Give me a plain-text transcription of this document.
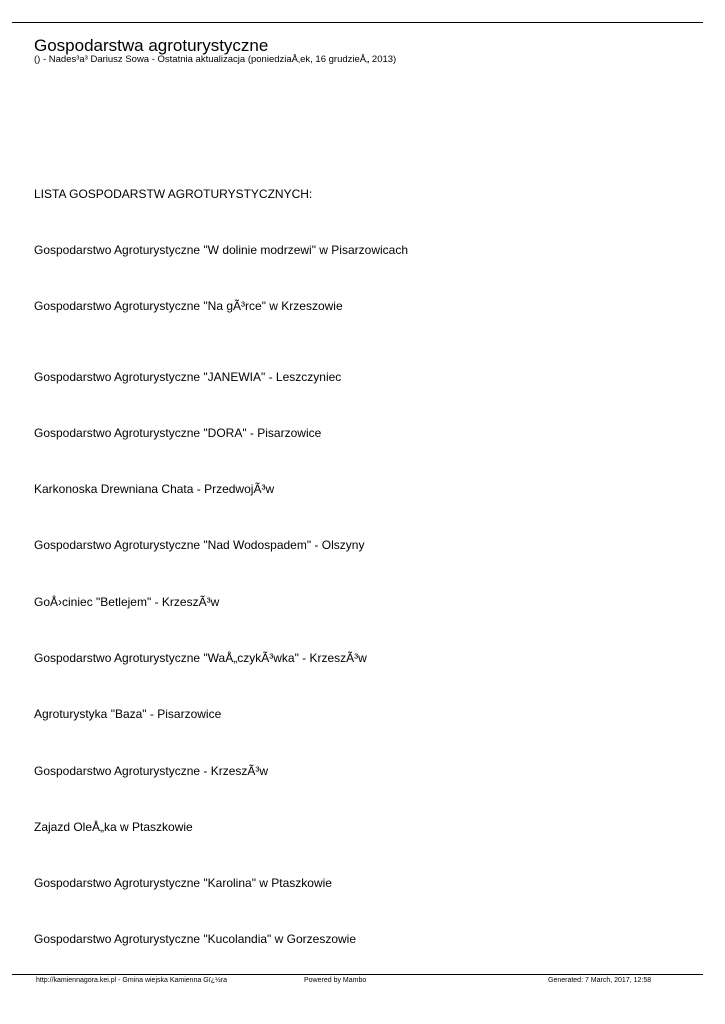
Gospodarstwa agroturystyczne
() - Nades³a³ Dariusz Sowa - Ostatnia aktualizacja (poniedziaÅ‚ek, 16 grudzieÅ„ 2013)
LISTA GOSPODARSTW AGROTURYSTYCZNYCH:
Gospodarstwo Agroturystyczne "W dolinie modrzewi" w Pisarzowicach
Gospodarstwo Agroturystyczne "Na gÃ³rce" w Krzeszowie
Gospodarstwo Agroturystyczne "JANEWIA" - Leszczyniec
Gospodarstwo Agroturystyczne "DORA" - Pisarzowice
Karkonoska Drewniana Chata - PrzedwojÃ³w
Gospodarstwo Agroturystyczne "Nad Wodospadem" - Olszyny
GoÅ›ciniec "Betlejem" - KrzeszÃ³w
Gospodarstwo Agroturystyczne "WaÅ„czykÃ³wka" - KrzeszÃ³w
Agroturystyka "Baza" - Pisarzowice
Gospodarstwo Agroturystyczne - KrzeszÃ³w
Zajazd OleÅ„ka w Ptaszkowie
Gospodarstwo Agroturystyczne "Karolina" w Ptaszkowie
Gospodarstwo Agroturystyczne "Kucolandia" w Gorzeszowie
http://kamiennagora.kei.pl - Gmina wiejska Kamienna Gï¿½ra	Powered by Mambo	Generated: 7 March, 2017, 12:58
